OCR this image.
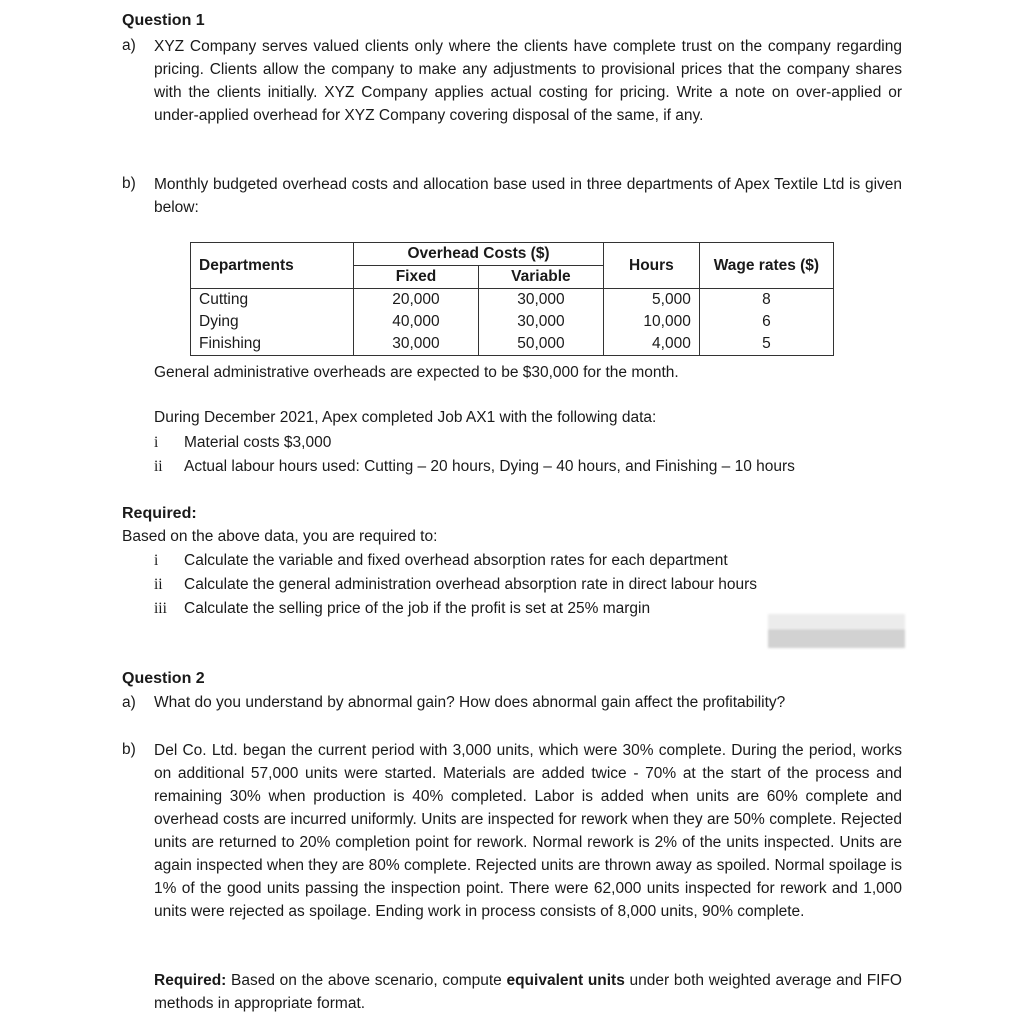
Question 1
a) XYZ Company serves valued clients only where the clients have complete trust on the company regarding pricing. Clients allow the company to make any adjustments to provisional prices that the company shares with the clients initially. XYZ Company applies actual costing for pricing. Write a note on over-applied or under-applied overhead for XYZ Company covering disposal of the same, if any.
b) Monthly budgeted overhead costs and allocation base used in three departments of Apex Textile Ltd is given below:
Departments	Overhead Costs ($)		Hours	Wage rates ($)
	Fixed	Variable		
Cutting	20,000	30,000	5,000	8
Dying	40,000	30,000	10,000	6
Finishing	30,000	50,000	4,000	5
General administrative overheads are expected to be $30,000 for the month.
During December 2021, Apex completed Job AX1 with the following data:
i Material costs $3,000
ii Actual labour hours used: Cutting – 20 hours, Dying – 40 hours, and Finishing – 10 hours
Required:
Based on the above data, you are required to:
i Calculate the variable and fixed overhead absorption rates for each department
ii Calculate the general administration overhead absorption rate in direct labour hours
iii Calculate the selling price of the job if the profit is set at 25% margin
Question 2
a) What do you understand by abnormal gain? How does abnormal gain affect the profitability?
b) Del Co. Ltd. began the current period with 3,000 units, which were 30% complete. During the period, works on additional 57,000 units were started. Materials are added twice - 70% at the start of the process and remaining 30% when production is 40% completed. Labor is added when units are 60% complete and overhead costs are incurred uniformly. Units are inspected for rework when they are 50% complete. Rejected units are returned to 20% completion point for rework. Normal rework is 2% of the units inspected. Units are again inspected when they are 80% complete. Rejected units are thrown away as spoiled. Normal spoilage is 1% of the good units passing the inspection point. There were 62,000 units inspected for rework and 1,000 units were rejected as spoilage. Ending work in process consists of 8,000 units, 90% complete.
Required: Based on the above scenario, compute equivalent units under both weighted average and FIFO methods in appropriate format.
